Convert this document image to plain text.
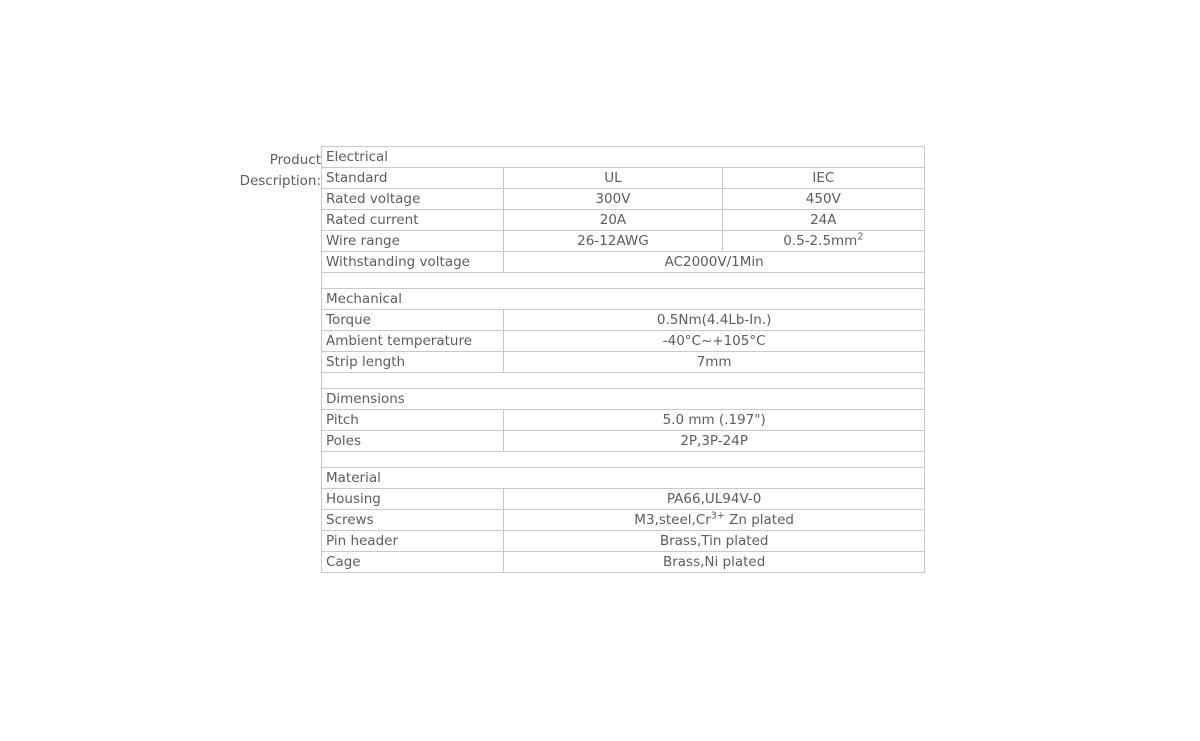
Product
Description:
Electrical		
Standard	UL	IEC
Rated voltage	300V	450V
Rated current	20A	24A
Wire range	26-12AWG	$0.5-2.5mm^2$
Withstanding voltage	AC2000V/1Min	

Mechanical		
Torque	0.5Nm(4.4Lb-In.)	
Ambient temperature	-40°C~+105°C	
Strip length	7mm	

Dimensions		
Pitch	5.0 mm (.197")	
Poles	2P,3P-24P	

Material		
Housing	PA66,UL94V-0	
Screws	$M3,steel,Cr^{3+}$ Zn plated	
Pin header	Brass,Tin plated	
Cage	Brass,Ni plated	
